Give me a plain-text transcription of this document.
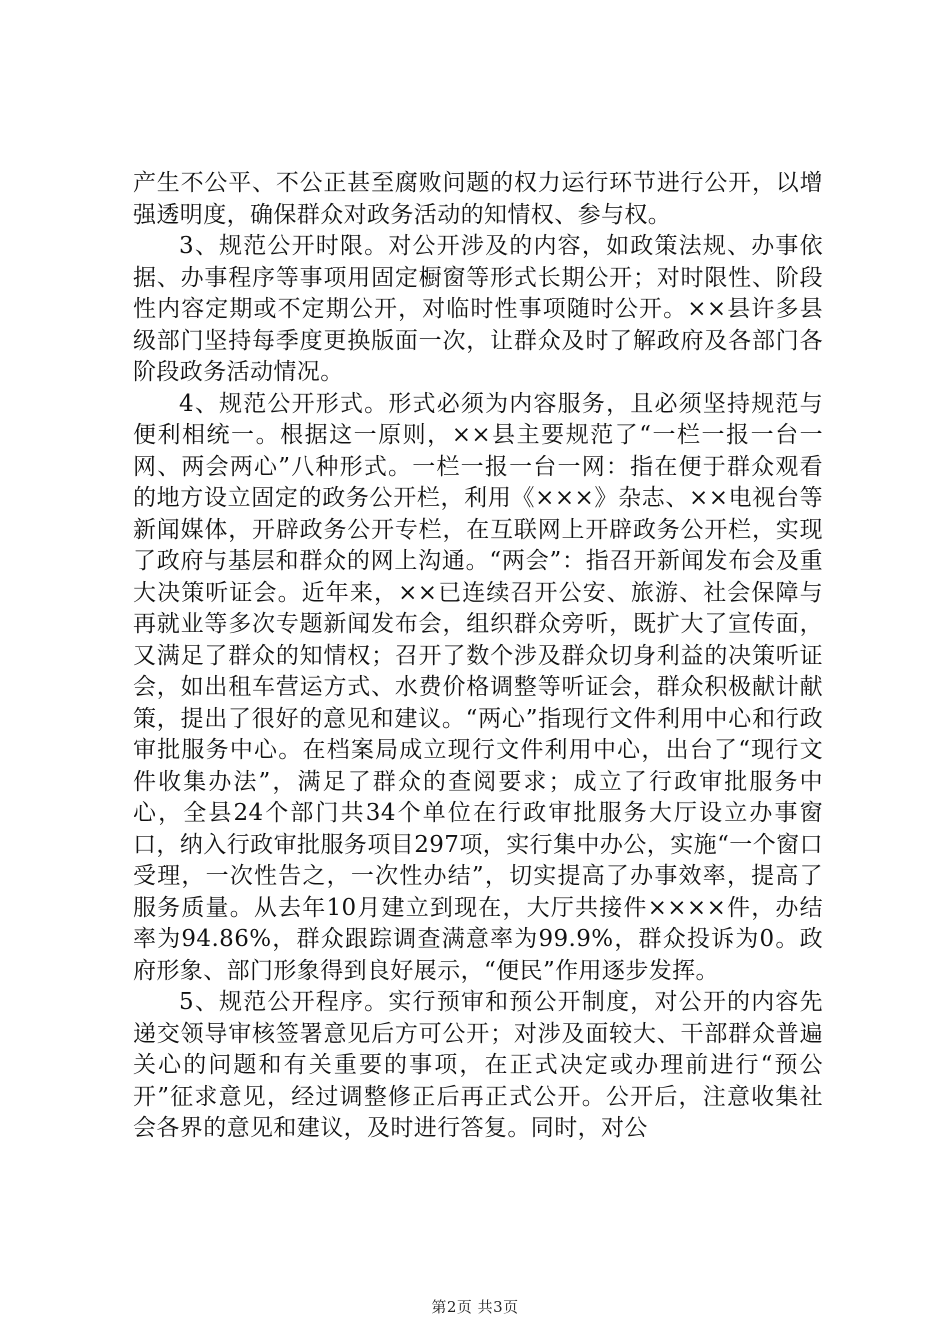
产生不公平、不公正甚至腐败问题的权力运行环节进行公开，以增强透明度，确保群众对政务活动的知情权、参与权。

3、规范公开时限。对公开涉及的内容，如政策法规、办事依据、办事程序等事项用固定橱窗等形式长期公开；对时限性、阶段性内容定期或不定期公开，对临时性事项随时公开。××县许多县级部门坚持每季度更换版面一次，让群众及时了解政府及各部门各阶段政务活动情况。

4、规范公开形式。形式必须为内容服务，且必须坚持规范与便利相统一。根据这一原则，××县主要规范了“一栏一报一台一网、两会两心”八种形式。一栏一报一台一网：指在便于群众观看的地方设立固定的政务公开栏，利用《×××》杂志、××电视台等新闻媒体，开辟政务公开专栏，在互联网上开辟政务公开栏，实现了政府与基层和群众的网上沟通。“两会”：指召开新闻发布会及重大决策听证会。近年来，××已连续召开公安、旅游、社会保障与再就业等多次专题新闻发布会，组织群众旁听，既扩大了宣传面，又满足了群众的知情权；召开了数个涉及群众切身利益的决策听证会，如出租车营运方式、水费价格调整等听证会，群众积极献计献策，提出了很好的意见和建议。“两心”指现行文件利用中心和行政审批服务中心。在档案局成立现行文件利用中心，出台了“现行文件收集办法”，满足了群众的查阅要求；成立了行政审批服务中心，全县24个部门共34个单位在行政审批服务大厅设立办事窗口，纳入行政审批服务项目297项，实行集中办公，实施“一个窗口受理，一次性告之，一次性办结”，切实提高了办事效率，提高了服务质量。从去年10月建立到现在，大厅共接件××××件，办结率为94.86%，群众跟踪调查满意率为99.9%，群众投诉为0。政府形象、部门形象得到良好展示，“便民”作用逐步发挥。

5、规范公开程序。实行预审和预公开制度，对公开的内容先递交领导审核签署意见后方可公开；对涉及面较大、干部群众普遍关心的问题和有关重要的事项，在正式决定或办理前进行“预公开”征求意见，经过调整修正后再正式公开。公开后，注意收集社会各界的意见和建议，及时进行答复。同时，对公

第2页 共3页
